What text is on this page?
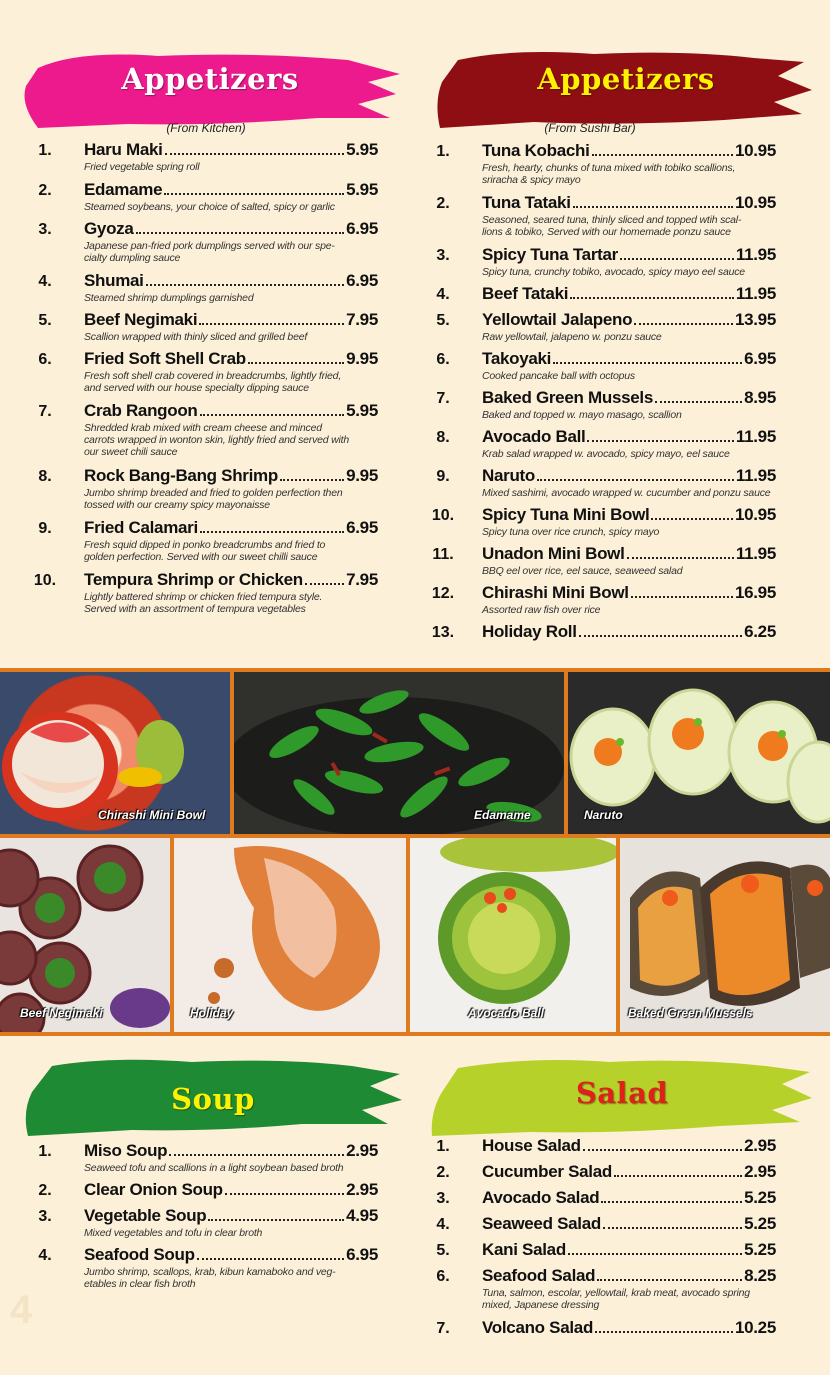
Appetizers	Appetizers
Soup	Salad
(From Kitchen)	(From Sushi Bar)
1.	Haru Maki	5.95
Fried vegetable spring roll
2.	Edamame	5.95
Steamed soybeans, your choice of salted, spicy or garlic
3.	Gyoza	6.95
Japanese pan-fried pork dumplings served with our spe-
cialty dumpling sauce
4.	Shumai	6.95
Steamed shrimp dumplings garnished
5.	Beef Negimaki	7.95
Scallion wrapped with thinly sliced and grilled beef
6.	Fried Soft Shell Crab	9.95
Fresh soft shell crab covered in breadcrumbs, lightly fried,
and served with our house specialty dipping sauce
7.	Crab Rangoon	5.95
Shredded krab mixed with cream cheese and minced
carrots wrapped in wonton skin, lightly fried and served with
our sweet chili sauce
8.	Rock Bang-Bang Shrimp	9.95
Jumbo shrimp breaded and fried to golden perfection then
tossed with our creamy spicy mayonaisse
9.	Fried Calamari	6.95
Fresh squid dipped in ponko breadcrumbs and fried to
golden perfection. Served with our sweet chilli sauce
10. Tempura Shrimp or Chicken	7.95
Lightly battered shrimp or chicken fried tempura style.
Served with an assortment of tempura vegetables
1.	Tuna Kobachi	10.95
Fresh, hearty, chunks of tuna mixed with tobiko scallions,
sriracha & spicy mayo
2.	Tuna Tataki	10.95
Seasoned, seared tuna, thinly sliced and topped wtih scal-
lions & tobiko, Served with our homemade ponzu sauce
3.	Spicy Tuna Tartar	11.95
Spicy tuna, crunchy tobiko, avocado, spicy mayo eel sauce
4.	Beef Tataki	11.95
5.	Yellowtail Jalapeno	13.95
Raw yellowtail, jalapeno w. ponzu sauce
6.	Takoyaki	6.95
Cooked pancake ball with octopus
7.	Baked Green Mussels	8.95
Baked and topped w. mayo masago, scallion
8.	Avocado Ball	11.95
Krab salad wrapped w. avocado, spicy mayo, eel sauce
9.	Naruto	11.95
Mixed sashimi, avocado wrapped w. cucumber and ponzu sauce
10. Spicy Tuna Mini Bowl	10.95
Spicy tuna over rice crunch, spicy mayo
11. Unadon Mini Bowl	11.95
BBQ eel over rice, eel sauce, seaweed salad
12. Chirashi Mini Bowl	16.95
Assorted raw fish over rice
13. Holiday Roll	6.25
1.	Miso Soup	2.95
Seaweed tofu and scallions in a light soybean based broth
2.	Clear Onion Soup	2.95
3.	Vegetable Soup	4.95
Mixed vegetables and tofu in clear broth
4.	Seafood Soup	6.95
Jumbo shrimp, scallops, krab, kibun kamaboko and veg-
etables in clear fish broth
1.	House Salad	2.95
2.	Cucumber Salad	2.95
3.	Avocado Salad	5.25
4.	Seaweed Salad	5.25
5.	Kani Salad	5.25
6.	Seafood Salad	8.25
Tuna, salmon, escolar, yellowtail, krab meat, avocado spring
mixed, Japanese dressing
7.	Volcano Salad	10.25
Chirashi Mini Bowl	Edamame	Naruto
Beef Negimaki	Holiday	Avocado Ball	Baked Green Mussels
4
